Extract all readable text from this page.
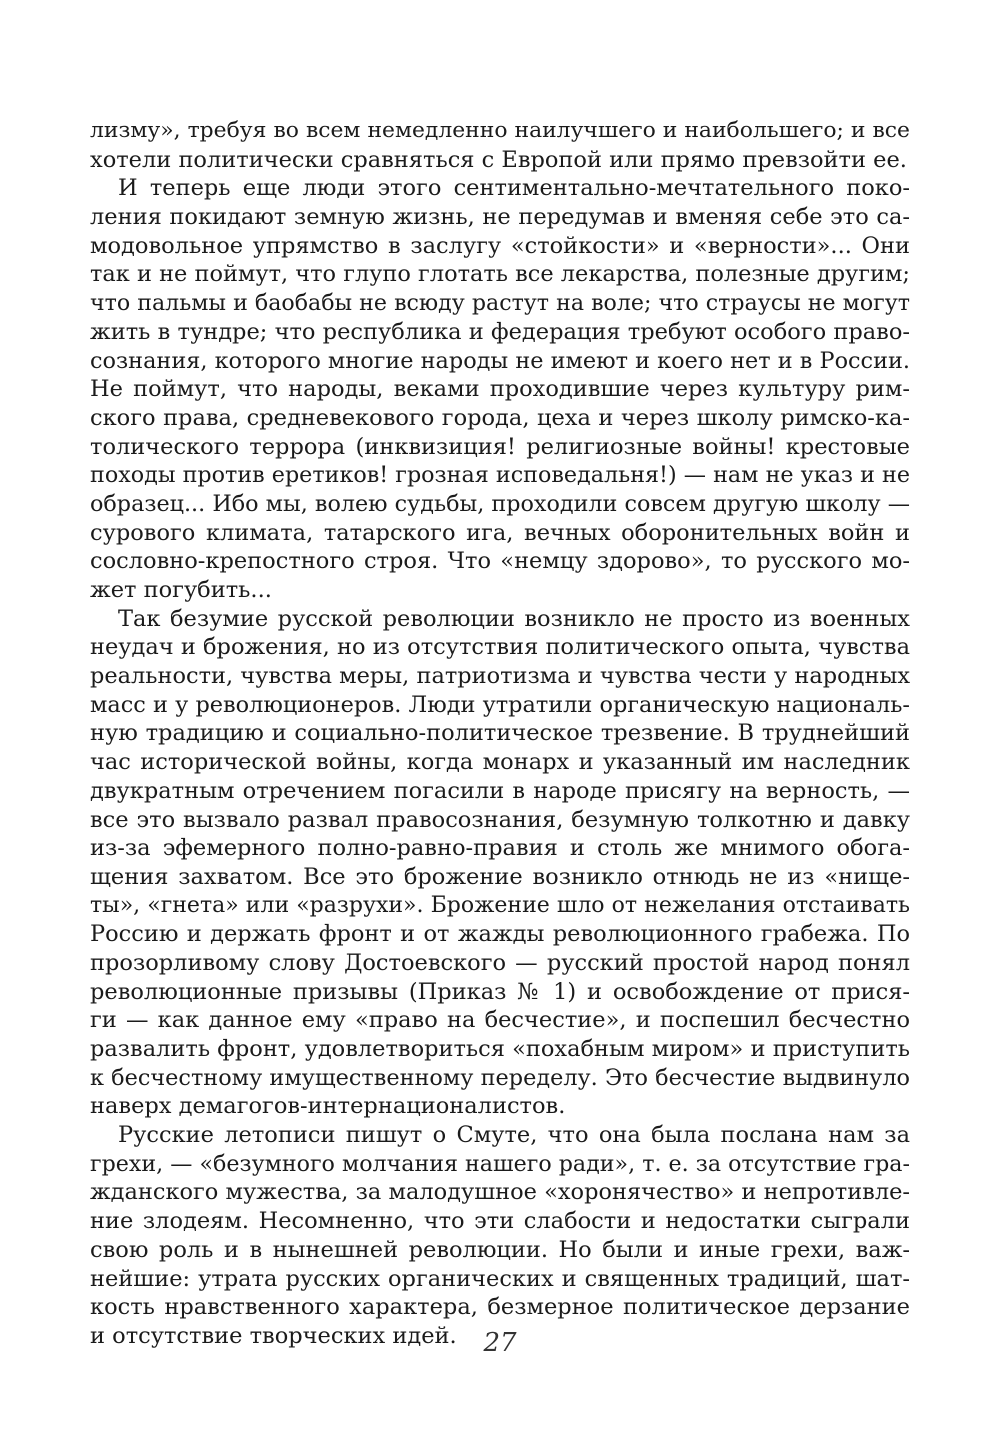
лизму», требуя во всем немедленно наилучшего и наибольшего; и все
хотели политически сравняться с Европой или прямо превзойти ее.
И теперь еще люди этого сентиментально-мечтательного поко-
ления покидают земную жизнь, не передумав и вменяя себе это са-
модовольное упрямство в заслугу «стойкости» и «верности»... Они
так и не поймут, что глупо глотать все лекарства, полезные другим;
что пальмы и баобабы не всюду растут на воле; что страусы не могут
жить в тундре; что республика и федерация требуют особого право-
сознания, которого многие народы не имеют и коего нет и в России.
Не поймут, что народы, веками проходившие через культуру рим-
ского права, средневекового города, цеха и через школу римско-ка-
толического террора (инквизиция! религиозные войны! крестовые
походы против еретиков! грозная исповедальня!) — нам не указ и не
образец... Ибо мы, волею судьбы, проходили совсем другую школу —
сурового климата, татарского ига, вечных оборонительных войн и
сословно-крепостного строя. Что «немцу здорово», то русского мо-
жет погубить...
Так безумие русской революции возникло не просто из военных
неудач и брожения, но из отсутствия политического опыта, чувства
реальности, чувства меры, патриотизма и чувства чести у народных
масс и у революционеров. Люди утратили органическую националь-
ную традицию и социально-политическое трезвение. В труднейший
час исторической войны, когда монарх и указанный им наследник
двукратным отречением погасили в народе присягу на верность, —
все это вызвало развал правосознания, безумную толкотню и давку
из-за эфемерного полно-равно-правия и столь же мнимого обога-
щения захватом. Все это брожение возникло отнюдь не из «нище-
ты», «гнета» или «разрухи». Брожение шло от нежелания отстаивать
Россию и держать фронт и от жажды революционного грабежа. По
прозорливому слову Достоевского — русский простой народ понял
революционные призывы (Приказ № 1) и освобождение от прися-
ги — как данное ему «право на бесчестие», и поспешил бесчестно
развалить фронт, удовлетвориться «похабным миром» и приступить
к бесчестному имущественному переделу. Это бесчестие выдвинуло
наверх демагогов-интернационалистов.
Русские летописи пишут о Смуте, что она была послана нам за
грехи, — «безумного молчания нашего ради», т. е. за отсутствие гра-
жданского мужества, за малодушное «хоронячество» и непротивле-
ние злодеям. Несомненно, что эти слабости и недостатки сыграли
свою роль и в нынешней революции. Но были и иные грехи, важ-
нейшие: утрата русских органических и священных традиций, шат-
кость нравственного характера, безмерное политическое дерзание
и отсутствие творческих идей.	27
